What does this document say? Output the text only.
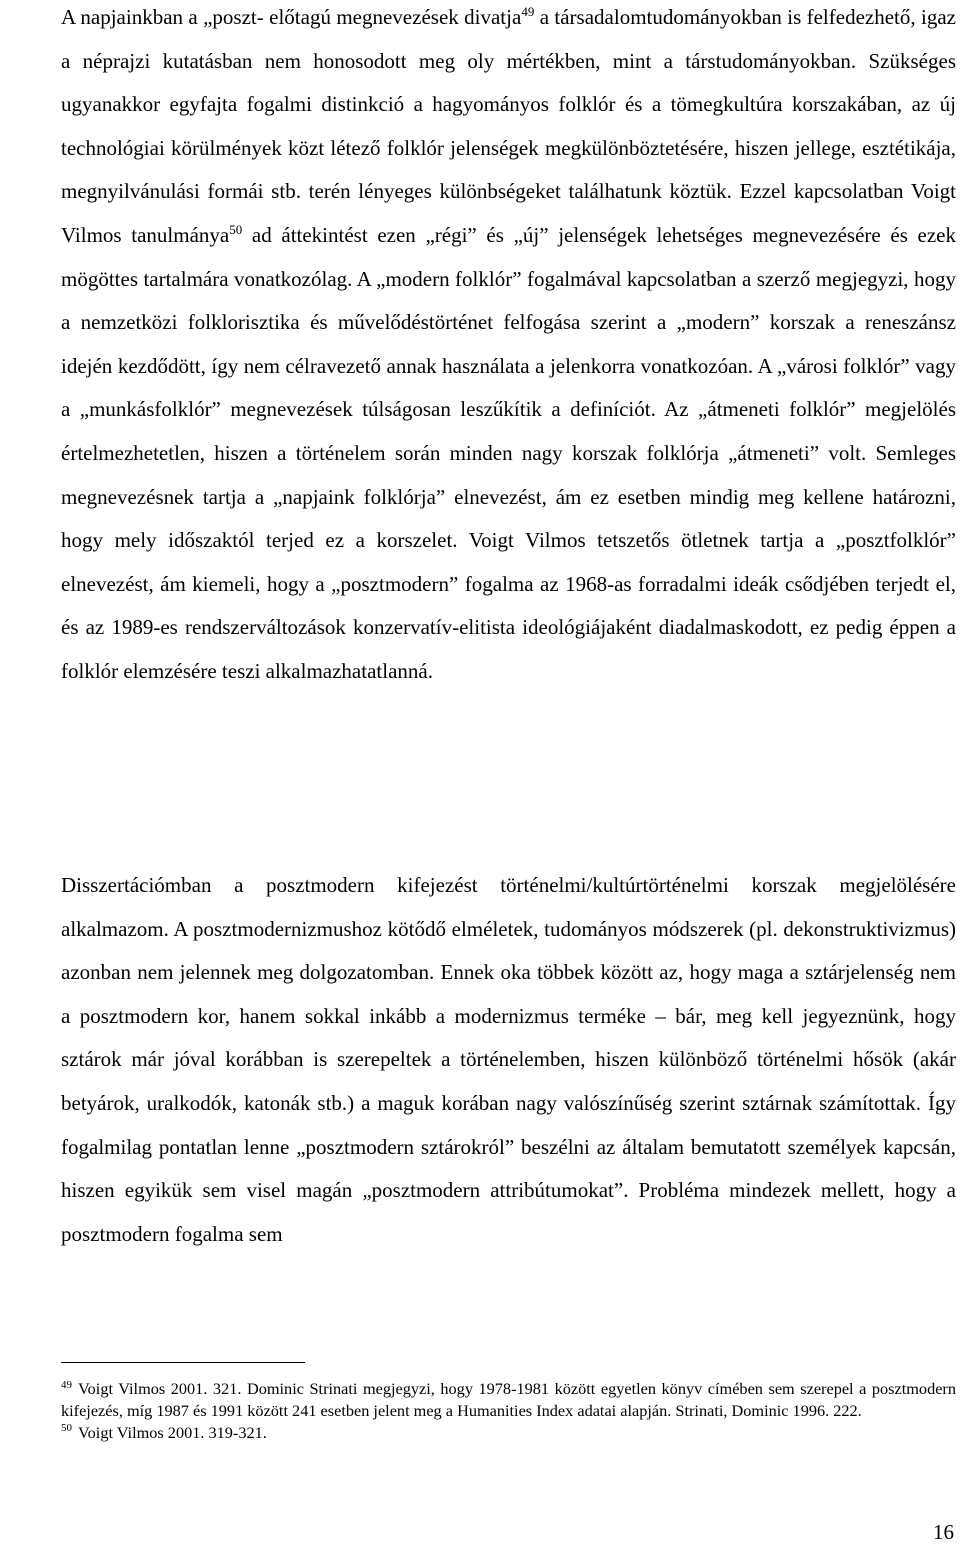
A napjainkban a „poszt- előtagú megnevezések divatja$^{49}$ a társadalomtudományokban is felfedezhető, igaz a néprajzi kutatásban nem honosodott meg oly mértékben, mint a társtudományokban. Szükséges ugyanakkor egyfajta fogalmi distinkció a hagyományos folklór és a tömegkultúra korszakában, az új technológiai körülmények közt létező folklór jelenségek megkülönböztetésére, hiszen jellege, esztétikája, megnyilvánulási formái stb. terén lényeges különbségeket találhatunk köztük. Ezzel kapcsolatban Voigt Vilmos tanulmánya$^{50}$ ad áttekintést ezen „régi” és „új” jelenségek lehetséges megnevezésére és ezek mögöttes tartalmára vonatkozólag. A „modern folklór” fogalmával kapcsolatban a szerző megjegyzi, hogy a nemzetközi folklorisztika és művelődéstörténet felfogása szerint a „modern” korszak a reneszánsz idején kezdődött, így nem célravezető annak használata a jelenkorra vonatkozóan. A „városi folklór” vagy a „munkásfolklór” megnevezések túlságosan leszűkítik a definíciót. Az „átmeneti folklór” megjelölés értelmezhetetlen, hiszen a történelem során minden nagy korszak folklórja „átmeneti” volt. Semleges megnevezésnek tartja a „napjaink folklórja” elnevezést, ám ez esetben mindig meg kellene határozni, hogy mely időszaktól terjed ez a korszelet. Voigt Vilmos tetszetős ötletnek tartja a „posztfolklór” elnevezést, ám kiemeli, hogy a „posztmodern” fogalma az 1968-as forradalmi ideák csődjében terjedt el, és az 1989-es rendszerváltozások konzervatív-elitista ideológiájaként diadalmaskodott, ez pedig éppen a folklór elemzésére teszi alkalmazhatatlanná.

Disszertációmban a posztmodern kifejezést történelmi/kultúrtörténelmi korszak megjelölésére alkalmazom. A posztmodernizmushoz kötődő elméletek, tudományos módszerek (pl. dekonstruktivizmus) azonban nem jelennek meg dolgozatomban. Ennek oka többek között az, hogy maga a sztárjelenség nem a posztmodern kor, hanem sokkal inkább a modernizmus terméke – bár, meg kell jegyeznünk, hogy sztárok már jóval korábban is szerepeltek a történelemben, hiszen különböző történelmi hősök (akár betyárok, uralkodók, katonák stb.) a maguk korában nagy valószínűség szerint sztárnak számítottak. Így fogalmilag pontatlan lenne „posztmodern sztárokról” beszélni az általam bemutatott személyek kapcsán, hiszen egyikük sem visel magán „posztmodern attribútumokat”. Probléma mindezek mellett, hogy a posztmodern fogalma sem

$^{49}$ Voigt Vilmos 2001. 321. Dominic Strinati megjegyzi, hogy 1978-1981 között egyetlen könyv címében sem szerepel a posztmodern kifejezés, míg 1987 és 1991 között 241 esetben jelent meg a Humanities Index adatai alapján. Strinati, Dominic 1996. 222.

$^{50}$ Voigt Vilmos 2001. 319-321.

16
